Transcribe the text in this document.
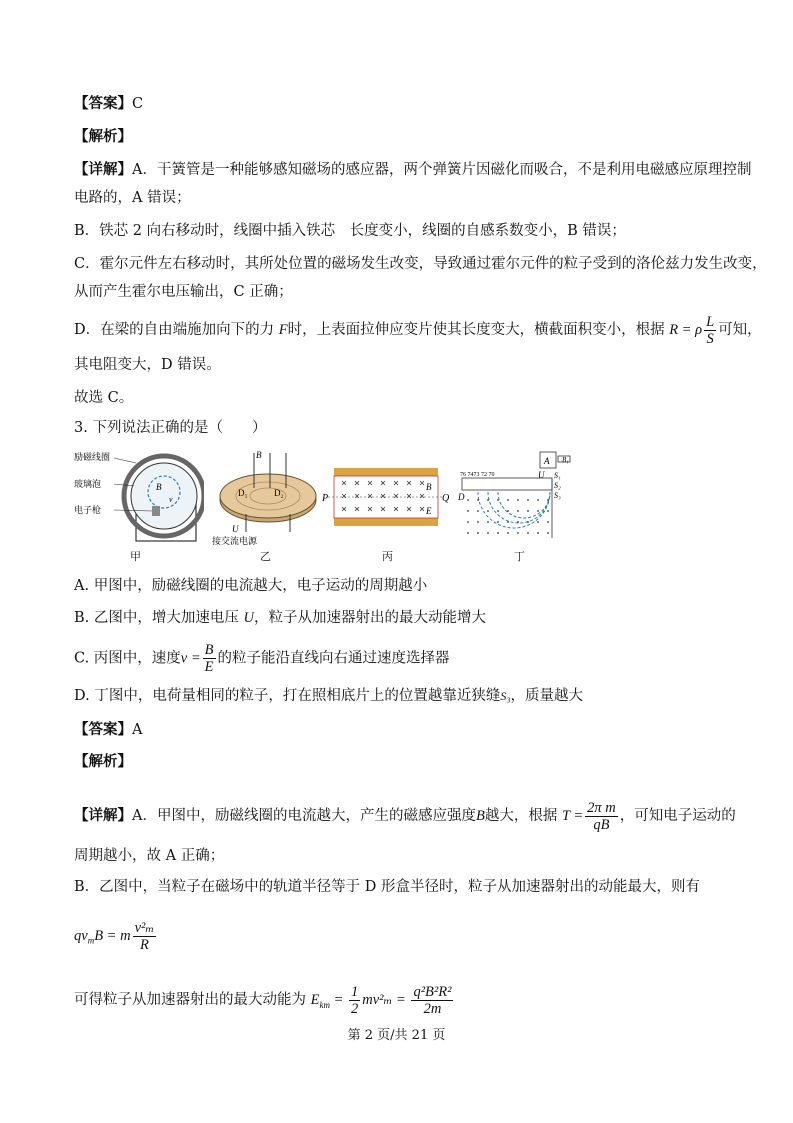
【答案】C
【解析】
【详解】A．干簧管是一种能够感知磁场的感应器，两个弹簧片因磁化而吸合，不是利用电磁感应原理控制
电路的，A 错误；
B．铁芯 2 向右移动时，线圈中插入铁芯　长度变小，线圈的自感系数变小，B 错误；
C．霍尔元件左右移动时，其所处位置的磁场发生改变，导致通过霍尔元件的粒子受到的洛伦兹力发生改变，
从而产生霍尔电压输出，C 正确；
D．在梁的自由端施加向下的力 F时，上表面拉伸应变片使其长度变大，横截面积变小，根据 R = ρ $\frac{L}{S}$ 可知，
其电阻变大，D 错误。
故选 C。
3. 下列说法正确的是（　　）
励磁线圈
玻璃泡
电子枪
B
v
甲
B
D₁	D₂
U
接交流电源
乙
P	Q
B
E
丙
76 7473 72 70
D
A
U S₁
S₂
S₃
B₁
丁
A. 甲图中，励磁线圈的电流越大，电子运动的周期越小
B. 乙图中，增大加速电压 U，粒子从加速器射出的最大动能增大
C. 丙图中，速度$v = \frac{B}{E}$ 的粒子能沿直线向右通过速度选择器
D. 丁图中，电荷量相同的粒子，打在照相底片上的位置越靠近狭缝S₃，质量越大
【答案】A
【解析】
【详解】A．甲图中，励磁线圈的电流越大，产生的磁感应强度B越大，根据 $T = \frac{\text{2π m}}{qB}$ ，可知电子运动的
周期越小，故 A 正确；
B．乙图中，当粒子在磁场中的轨道半径等于 D 形盒半径时，粒子从加速器射出的动能最大，则有
$qv_mB = m \frac{\text{v²ₘ}}{R}$
可得粒子从加速器射出的最大动能为 $E_{km} = \frac{1}{2} mv^2_m = \frac{\text{q²B²R²}}{2m}$
第 2 页/共 21 页
